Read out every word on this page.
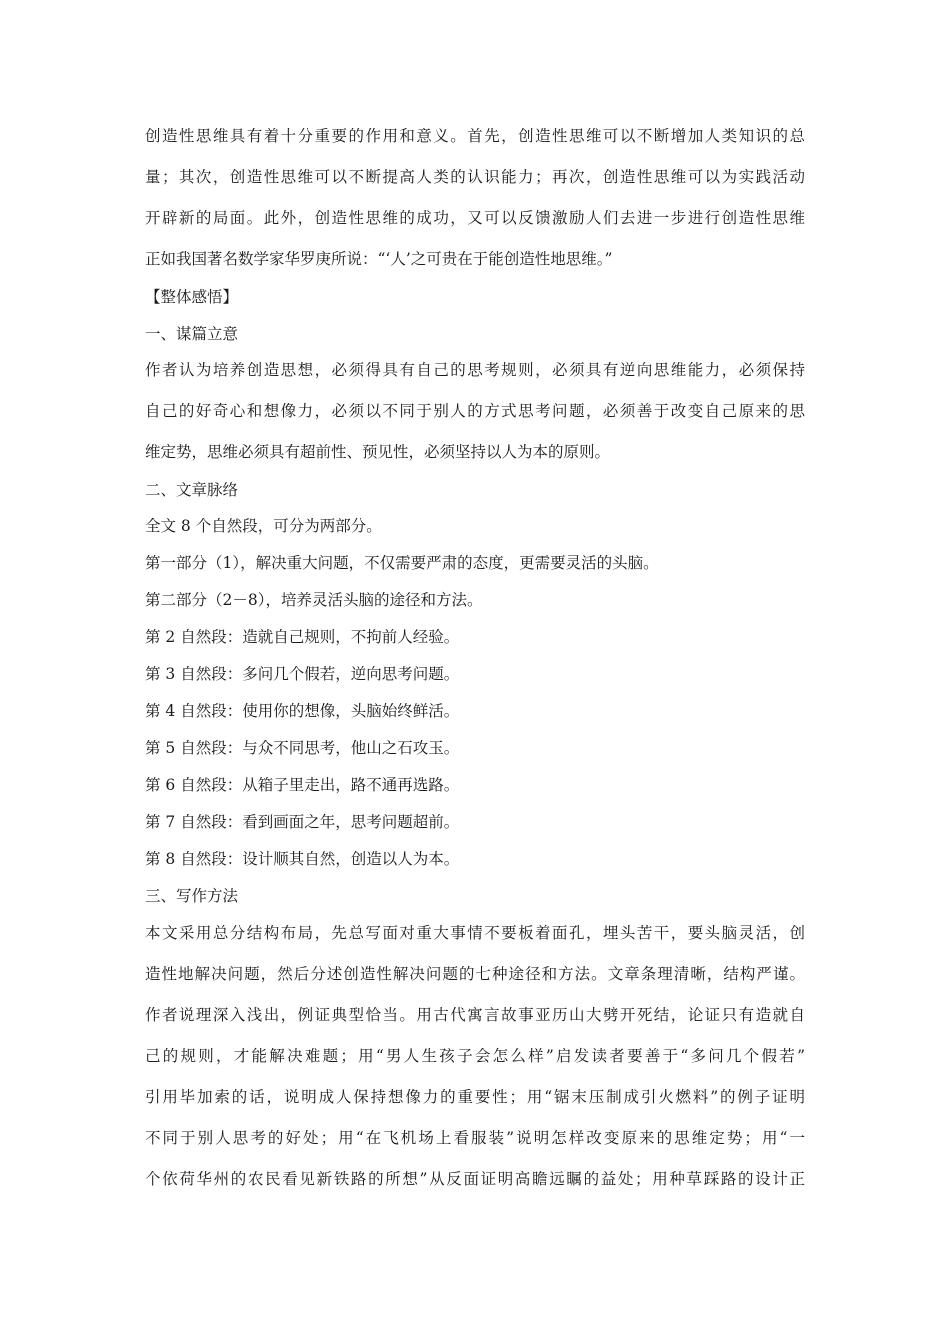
创造性思维具有着十分重要的作用和意义。首先，创造性思维可以不断增加人类知识的总
量；其次，创造性思维可以不断提高人类的认识能力；再次，创造性思维可以为实践活动
开辟新的局面。此外，创造性思维的成功，又可以反馈激励人们去进一步进行创造性思维
正如我国著名数学家华罗庚所说：“‘人’之可贵在于能创造性地思维。”
【整体感悟】
一、谋篇立意
作者认为培养创造思想，必须得具有自己的思考规则，必须具有逆向思维能力，必须保持
自己的好奇心和想像力，必须以不同于别人的方式思考问题，必须善于改变自己原来的思
维定势，思维必须具有超前性、预见性，必须坚持以人为本的原则。
二、文章脉络
全文 8 个自然段，可分为两部分。
第一部分（1），解决重大问题，不仅需要严肃的态度，更需要灵活的头脑。
第二部分（2－8），培养灵活头脑的途径和方法。
第 2 自然段：造就自己规则，不拘前人经验。
第 3 自然段：多问几个假若，逆向思考问题。
第 4 自然段：使用你的想像，头脑始终鲜活。
第 5 自然段：与众不同思考，他山之石攻玉。
第 6 自然段：从箱子里走出，路不通再选路。
第 7 自然段：看到画面之年，思考问题超前。
第 8 自然段：设计顺其自然，创造以人为本。
三、写作方法
本文采用总分结构布局，先总写面对重大事情不要板着面孔，埋头苦干，要头脑灵活，创
造性地解决问题，然后分述创造性解决问题的七种途径和方法。文章条理清晰，结构严谨。
作者说理深入浅出，例证典型恰当。用古代寓言故事亚历山大劈开死结，论证只有造就自
己的规则，才能解决难题；用“男人生孩子会怎么样”启发读者要善于“多问几个假若”
引用毕加索的话，说明成人保持想像力的重要性；用“锯末压制成引火燃料”的例子证明
不同于别人思考的好处；用“在飞机场上看服装”说明怎样改变原来的思维定势；用“一
个依荷华州的农民看见新铁路的所想”从反面证明高瞻远瞩的益处；用种草踩路的设计正
